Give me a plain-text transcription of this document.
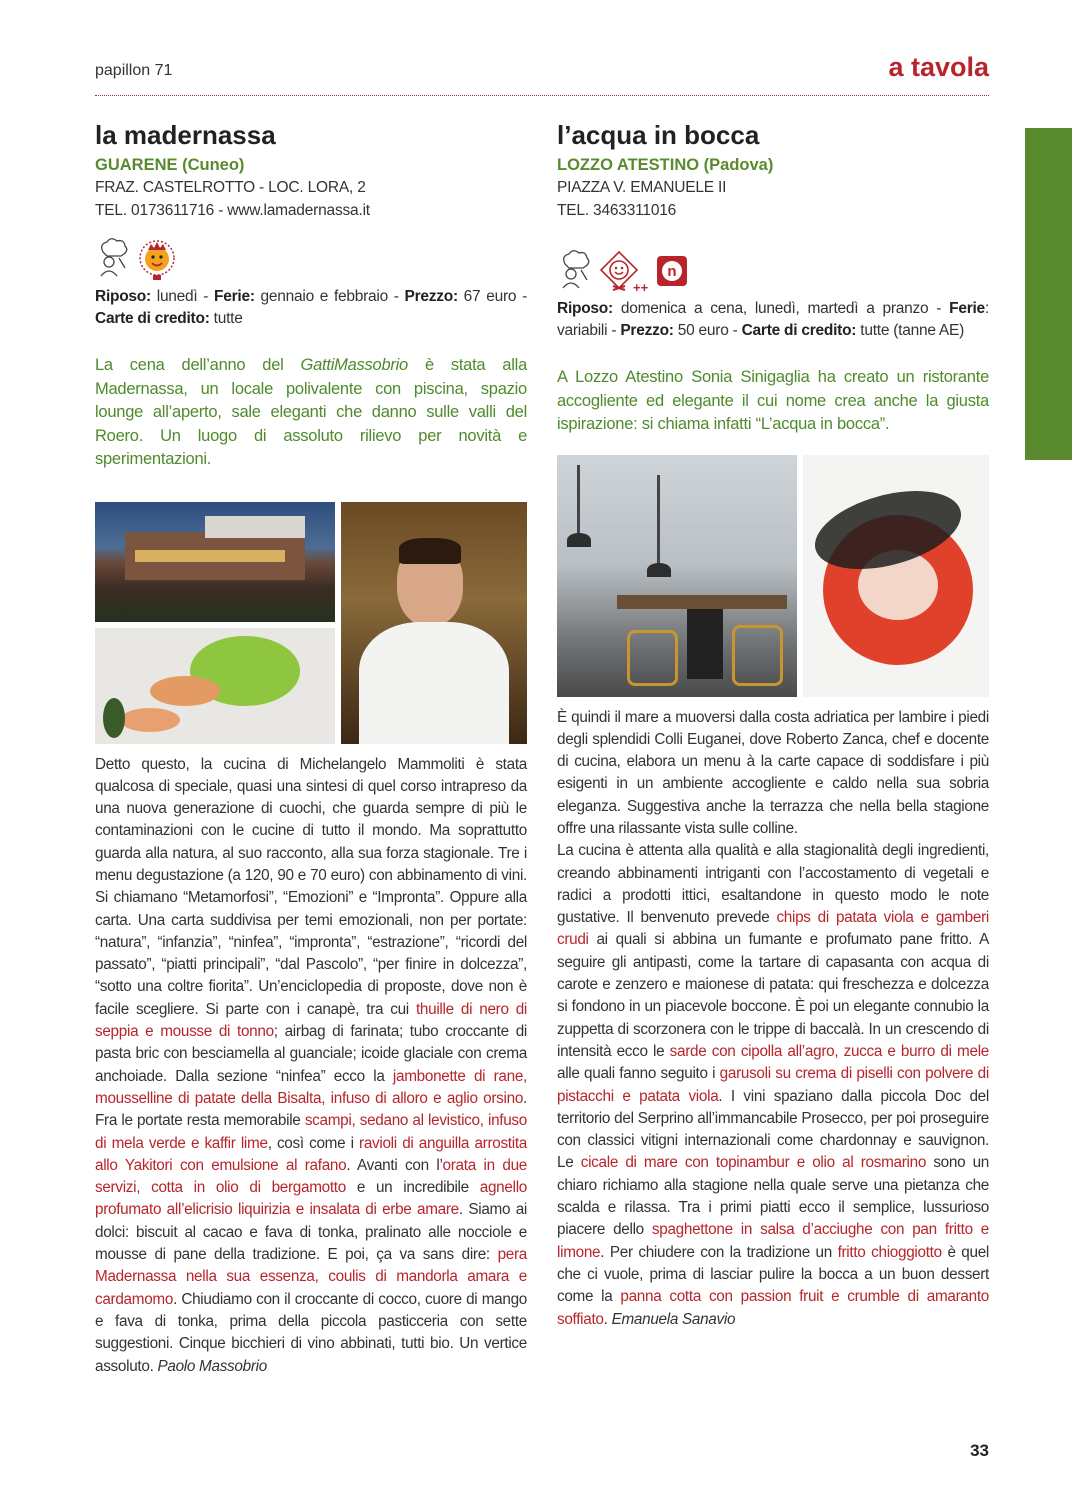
papillon 71	a tavola
la madernassa
GUARENE (Cuneo)
FRAZ. CASTELROTTO - LOC. LORA, 2
TEL. 0173611716 - www.lamadernassa.it
Riposo: lunedì - Ferie: gennaio e febbraio - Prezzo: 67 euro - Carte di credito: tutte
La cena dell’anno del GattiMassobrio è stata alla Madernassa, un locale polivalente con piscina, spazio lounge all’aperto, sale eleganti che danno sulle valli del Roero. Un luogo di assoluto rilievo per novità e sperimentazioni.
Detto questo, la cucina di Michelangelo Mammoliti è stata qualcosa di speciale, quasi una sintesi di quel corso intrapreso da una nuova generazione di cuochi, che guarda sempre di più le contaminazioni con le cucine di tutto il mondo. Ma soprattutto guarda alla natura, al suo racconto, alla sua forza stagionale. Tre i menu degustazione (a 120, 90 e 70 euro) con abbinamento di vini. Si chiamano “Metamorfosi”, “Emozioni” e “Impronta”. Oppure alla carta. Una carta suddivisa per temi emozionali, non per portate: “natura”, “infanzia”, “ninfea”, “impronta”, “estrazione”, “ricordi del passato”, “piatti principali”, “dal Pascolo”, “per finire in dolcezza”, “sotto una coltre fiorita”. Un’enciclopedia di proposte, dove non è facile scegliere. Si parte con i canapè, tra cui thuille di nero di seppia e mousse di tonno; airbag di farinata; tubo croccante di pasta bric con besciamella al guanciale; icoide glaciale con crema anchoiade. Dalla sezione “ninfea” ecco la jambonette di rane, mousselline di patate della Bisalta, infuso di alloro e aglio orsino. Fra le portate resta memorabile scampi, sedano al levistico, infuso di mela verde e kaffir lime, così come i ravioli di anguilla arrostita allo Yakitori con emulsione al rafano. Avanti con l’orata in due servizi, cotta in olio di bergamotto e un incredibile agnello profumato all’elicrisio liquirizia e insalata di erbe amare. Siamo ai dolci: biscuit al cacao e fava di tonka, pralinato alle nocciole e mousse di pane della tradizione. E poi, ça va sans dire: pera Madernassa nella sua essenza, coulis di mandorla amara e cardamomo. Chiudiamo con il croccante di cocco, cuore di mango e fava di tonka, prima della piccola pasticceria con sette suggestioni. Cinque bicchieri di vino abbinati, tutti bio. Un vertice assoluto. Paolo Massobrio
l’acqua in bocca
LOZZO ATESTINO (Padova)
PIAZZA V. EMANUELE II
TEL. 3463311016
++
n
Riposo: domenica a cena, lunedì, martedì a pranzo - Ferie: variabili - Prezzo: 50 euro - Carte di credito: tutte (tanne AE)
A Lozzo Atestino Sonia Sinigaglia ha creato un ristorante accogliente ed elegante il cui nome crea anche la giusta ispirazione: si chiama infatti “L’acqua in bocca”.
È quindi il mare a muoversi dalla costa adriatica per lambire i piedi degli splendidi Colli Euganei, dove Roberto Zanca, chef e docente di cucina, elabora un menu à la carte capace di soddisfare i più esigenti in un ambiente accogliente e caldo nella sua sobria eleganza. Suggestiva anche la terrazza che nella bella stagione offre una rilassante vista sulle colline.
La cucina è attenta alla qualità e alla stagionalità degli ingredienti, creando abbinamenti intriganti con l’accostamento di vegetali e radici a prodotti ittici, esaltandone in questo modo le note gustative. Il benvenuto prevede chips di patata viola e gamberi crudi ai quali si abbina un fumante e profumato pane fritto. A seguire gli antipasti, come la tartare di capasanta con acqua di carote e zenzero e maionese di patata: qui freschezza e dolcezza si fondono in un piacevole boccone. È poi un elegante connubio la zuppetta di scorzonera con le trippe di baccalà. In un crescendo di intensità ecco le sarde con cipolla all’agro, zucca e burro di mele alle quali fanno seguito i garusoli su crema di piselli con polvere di pistacchi e patata viola. I vini spaziano dalla piccola Doc del territorio del Serprino all’immancabile Prosecco, per poi proseguire con classici vitigni internazionali come chardonnay e sauvignon. Le cicale di mare con topinambur e olio al rosmarino sono un chiaro richiamo alla stagione nella quale serve una pietanza che scalda e rilassa. Tra i primi piatti ecco il semplice, lussurioso piacere dello spaghettone in salsa d’acciughe con pan fritto e limone. Per chiudere con la tradizione un fritto chioggiotto è quel che ci vuole, prima di lasciar pulire la bocca a un buon dessert come la panna cotta con passion fruit e crumble di amaranto soffiato. Emanuela Sanavio
33
